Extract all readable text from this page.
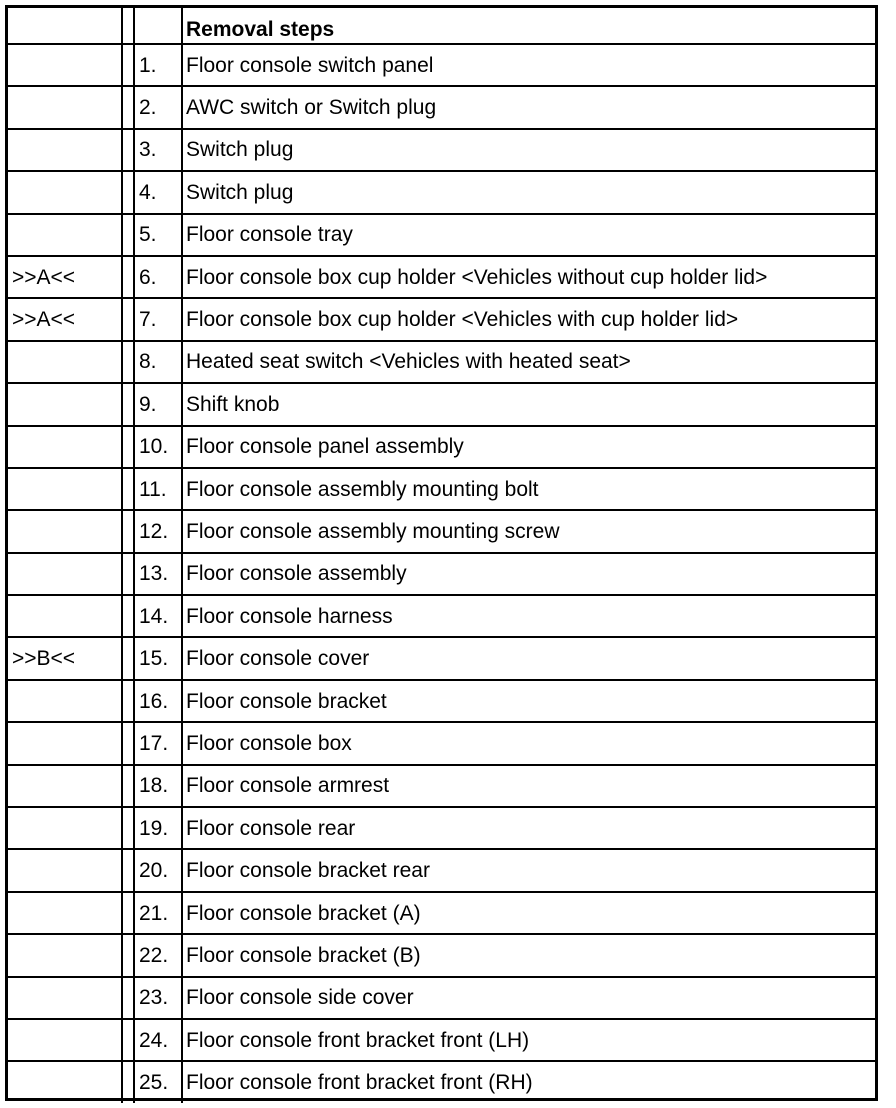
			Removal steps
		1.	Floor console switch panel
		2.	AWC switch or Switch plug
		3.	Switch plug
		4.	Switch plug
		5.	Floor console tray
>>A<<		6.	Floor console box cup holder <Vehicles without cup holder lid>
>>A<<		7.	Floor console box cup holder <Vehicles with cup holder lid>
		8.	Heated seat switch <Vehicles with heated seat>
		9.	Shift knob
		10.	Floor console panel assembly
		11.	Floor console assembly mounting bolt
		12.	Floor console assembly mounting screw
		13.	Floor console assembly
		14.	Floor console harness
>>B<<		15.	Floor console cover
		16.	Floor console bracket
		17.	Floor console box
		18.	Floor console armrest
		19.	Floor console rear
		20.	Floor console bracket rear
		21.	Floor console bracket (A)
		22.	Floor console bracket (B)
		23.	Floor console side cover
		24.	Floor console front bracket front (LH)
		25.	Floor console front bracket front (RH)
